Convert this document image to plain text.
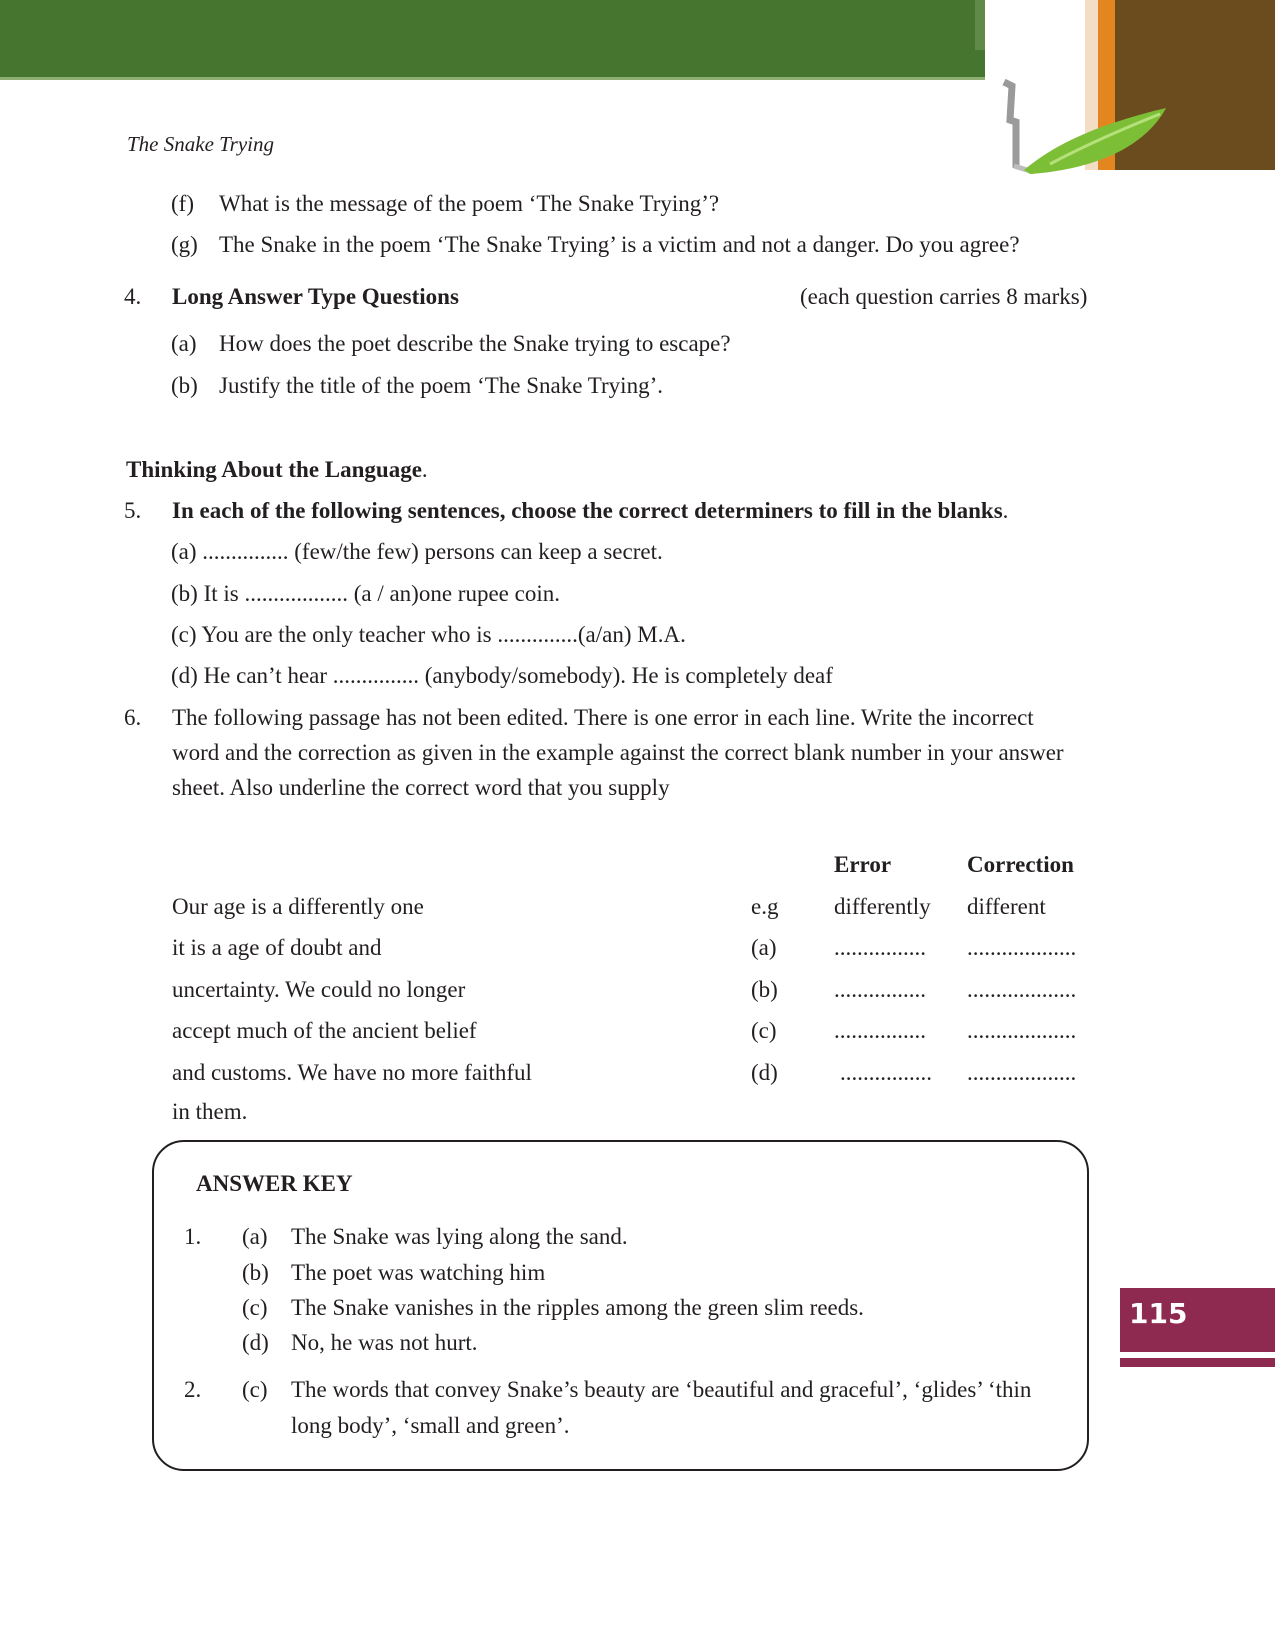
The Snake Trying
(f) What is the message of the poem ‘The Snake Trying’?
(g) The Snake in the poem ‘The Snake Trying’ is a victim and not a danger. Do you agree?
4. Long Answer Type Questions	(each question carries 8 marks)
(a) How does the poet describe the Snake trying to escape?
(b) Justify the title of the poem ‘The Snake Trying’.
Thinking About the Language.
5. In each of the following sentences, choose the correct determiners to fill in the blanks.
(a) ............... (few/the few) persons can keep a secret.
(b) It is .................. (a / an)one rupee coin.
(c) You are the only teacher who is ..............(a/an) M.A.
(d) He can’t hear ............... (anybody/somebody). He is completely deaf
6. The following passage has not been edited. There is one error in each line. Write the incorrect
word and the correction as given in the example against the correct blank number in your answer
sheet. Also underline the correct word that you supply
Error	Correction
Our age is a differently one	e.g differently different
it is a age of doubt and	(a) ................ ...................
uncertainty. We could no longer	(b) ................ ...................
accept much of the ancient belief	(c) ................ ...................
and customs. We have no more faithful	(d)	................ ...................
in them.
ANSWER KEY
1. (a) The Snake was lying along the sand.
(b) The poet was watching him
(c) The Snake vanishes in the ripples among the green slim reeds.
(d) No, he was not hurt.
2. (c) The words that convey Snake’s beauty are ‘beautiful and graceful’, ‘glides’ ‘thin
long body’, ‘small and green’.
115
